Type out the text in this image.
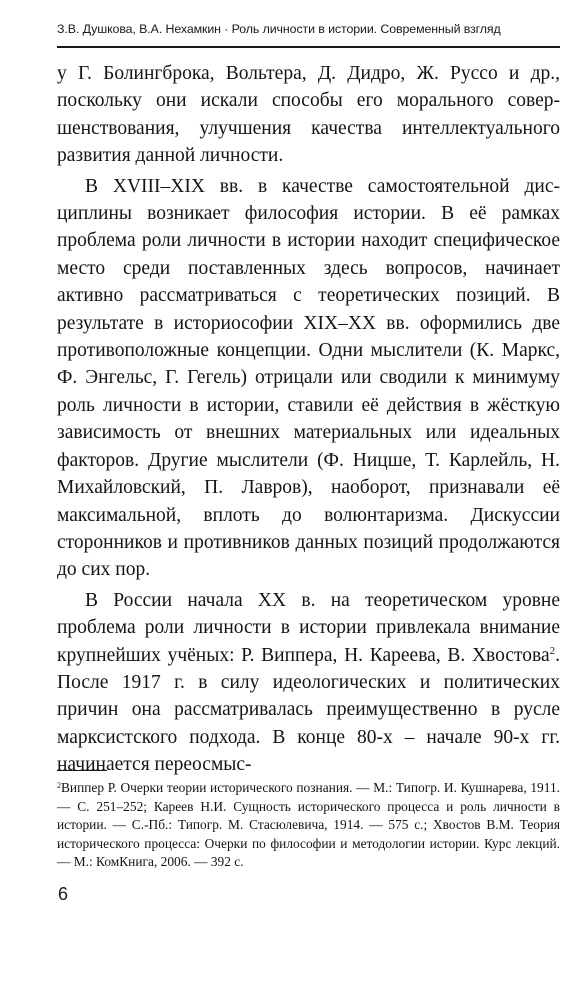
З.В. Душкова, В.А. Нехамкин · Роль личности в истории. Современный взгляд

у Г. Болингброка, Вольтера, Д. Дидро, Ж. Руссо и др., поскольку они искали способы его морального совершенствования, улучшения качества интеллектуального развития данной личности.

В XVIII–XIX вв. в качестве самостоятельной дисциплины возникает философия истории. В её рамках проблема роли личности в истории находит специфическое место среди поставленных здесь вопросов, начинает активно рассматриваться с теоретических позиций. В результате в историософии XIX–XX вв. оформились две противоположные концепции. Одни мыслители (К. Маркс, Ф. Энгельс, Г. Гегель) отрицали или сводили к минимуму роль личности в истории, ставили её действия в жёсткую зависимость от внешних материальных или идеальных факторов. Другие мыслители (Ф. Ницше, Т. Карлейль, Н. Михайловский, П. Лавров), наоборот, признавали её максимальной, вплоть до волюнтаризма. Дискуссии сторонников и противников данных позиций продолжаются до сих пор.

В России начала XX в. на теоретическом уровне проблема роли личности в истории привлекала внимание крупнейших учёных: Р. Виппера, Н. Кареева, В. Хвостова$^2$. После 1917 г. в силу идеологических и политических причин она рассматривалась преимущественно в русле марксистского подхода. В конце 80-х – начале 90-х гг. начинается переосмыс-

$^2$Виппер Р. Очерки теории исторического познания. — М.: Типогр. И. Кушнарева, 1911. — С. 251–252; Кареев Н.И. Сущность исторического процесса и роль личности в истории. — С.-Пб.: Типогр. М. Стасюлевича, 1914. — 575 с.; Хвостов В.М. Теория исторического процесса: Очерки по философии и методологии истории. Курс лекций. — М.: КомКнига, 2006. — 392 с.

6
